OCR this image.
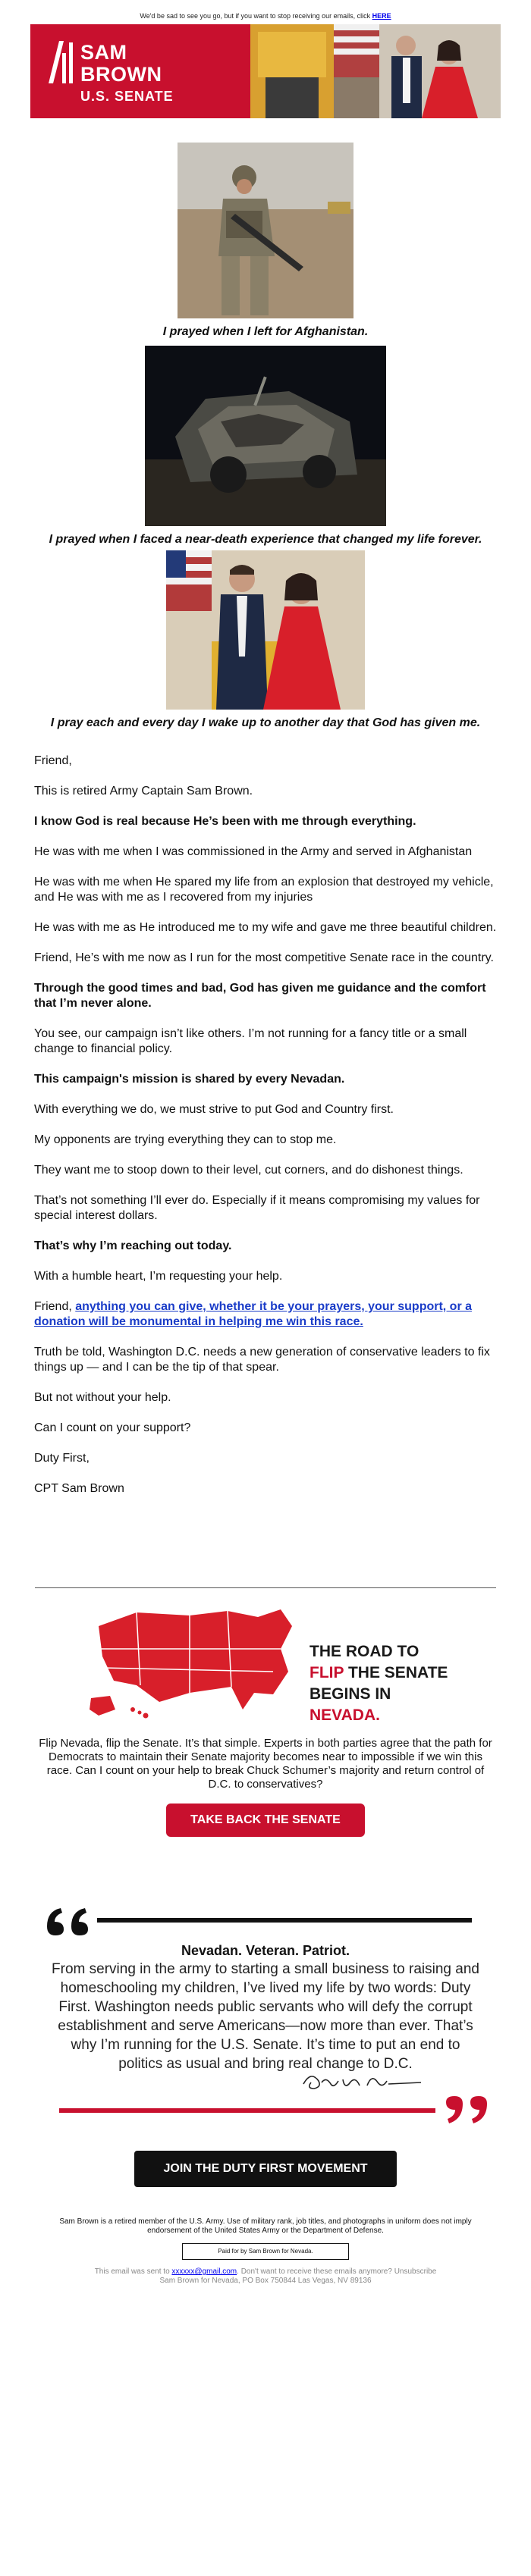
We'd be sad to see you go, but if you want to stop receiving our emails, click HERE
SAM
BROWN
U.S. SENATE
I prayed when I left for Afghanistan.
I prayed when I faced a near-death experience that changed my life forever.
I pray each and every day I wake up to another day that God has given me.

Friend,

This is retired Army Captain Sam Brown.

I know God is real because He’s been with me through everything.

He was with me when I was commissioned in the Army and served in Afghanistan

He was with me when He spared my life from an explosion that destroyed my vehicle, and He was with me as I recovered from my injuries

He was with me as He introduced me to my wife and gave me three beautiful children.

Friend, He’s with me now as I run for the most competitive Senate race in the country.

Through the good times and bad, God has given me guidance and the comfort that I’m never alone.

You see, our campaign isn’t like others. I’m not running for a fancy title or a small change to financial policy.

This campaign's mission is shared by every Nevadan.

With everything we do, we must strive to put God and Country first.

My opponents are trying everything they can to stop me.

They want me to stoop down to their level, cut corners, and do dishonest things.

That’s not something I’ll ever do. Especially if it means compromising my values for special interest dollars.

That’s why I’m reaching out today.

With a humble heart, I’m requesting your help.

Friend, anything you can give, whether it be your prayers, your support, or a donation will be monumental in helping me win this race.

Truth be told, Washington D.C. needs a new generation of conservative leaders to fix things up — and I can be the tip of that spear.

But not without your help.

Can I count on your support?

Duty First,

CPT Sam Brown

THE ROAD TO
FLIP THE SENATE
BEGINS IN NEVADA.
Flip Nevada, flip the Senate. It’s that simple. Experts in both parties agree that the path for Democrats to maintain their Senate majority becomes near to impossible if we win this race. Can I count on your help to break Chuck Schumer’s majority and return control of D.C. to conservatives?
TAKE BACK THE SENATE
Nevadan. Veteran. Patriot.
From serving in the army to starting a small business to raising and homeschooling my children, I’ve lived my life by two words: Duty First. Washington needs public servants who will defy the corrupt establishment and serve Americans—now more than ever. That’s why I’m running for the U.S. Senate. It’s time to put an end to politics as usual and bring real change to D.C.
JOIN THE DUTY FIRST MOVEMENT
Sam Brown is a retired member of the U.S. Army. Use of military rank, job titles, and photographs in uniform does not imply endorsement of the United States Army or the Department of Defense.
Paid for by Sam Brown for Nevada.
This email was sent to xxxxxx@gmail.com. Don't want to receive these emails anymore? Unsubscribe
Sam Brown for Nevada, PO Box 750844 Las Vegas, NV 89136
